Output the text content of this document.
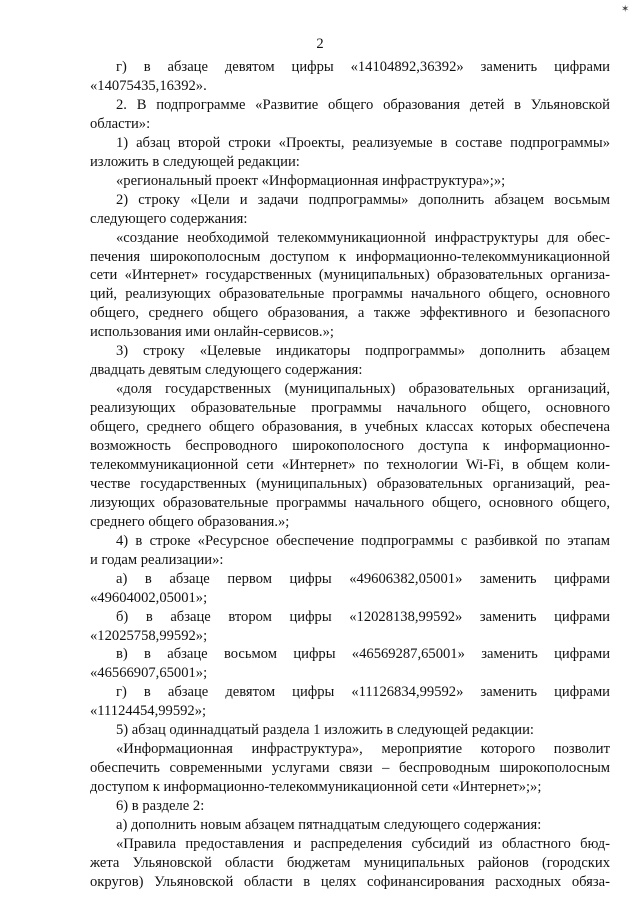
2
✶
г) в абзаце девятом цифры «14104892,36392» заменить цифрами
«14075435,16392».
2. В подпрограмме «Развитие общего образования детей в Ульяновской
области»:
1) абзац второй строки «Проекты, реализуемые в составе подпрограммы»
изложить в следующей редакции:
«региональный проект «Информационная инфраструктура»;»;
2) строку «Цели и задачи подпрограммы» дополнить абзацем восьмым
следующего содержания:
«создание необходимой телекоммуникационной инфраструктуры для обес-
печения широкополосным доступом к информационно-телекоммуникационной
сети «Интернет» государственных (муниципальных) образовательных организа-
ций, реализующих образовательные программы начального общего, основного
общего, среднего общего образования, а также эффективного и безопасного
использования ими онлайн-сервисов.»;
3) строку «Целевые индикаторы подпрограммы» дополнить абзацем
двадцать девятым следующего содержания:
«доля государственных (муниципальных) образовательных организаций,
реализующих образовательные программы начального общего, основного
общего, среднего общего образования, в учебных классах которых обеспечена
возможность беспроводного широкополосного доступа к информационно-
телекоммуникационной сети «Интернет» по технологии Wi-Fi, в общем коли-
честве государственных (муниципальных) образовательных организаций, реа-
лизующих образовательные программы начального общего, основного общего,
среднего общего образования.»;
4) в строке «Ресурсное обеспечение подпрограммы с разбивкой по этапам
и годам реализации»:
а) в абзаце первом цифры «49606382,05001» заменить цифрами
«49604002,05001»;
б) в абзаце втором цифры «12028138,99592» заменить цифрами
«12025758,99592»;
в) в абзаце восьмом цифры «46569287,65001» заменить цифрами
«46566907,65001»;
г) в абзаце девятом цифры «11126834,99592» заменить цифрами
«11124454,99592»;
5) абзац одиннадцатый раздела 1 изложить в следующей редакции:
«Информационная инфраструктура», мероприятие которого позволит
обеспечить современными услугами связи – беспроводным широкополосным
доступом к информационно-телекоммуникационной сети «Интернет»;»;
6) в разделе 2:
а) дополнить новым абзацем пятнадцатым следующего содержания:
«Правила предоставления и распределения субсидий из областного бюд-
жета Ульяновской области бюджетам муниципальных районов (городских
округов) Ульяновской области в целях софинансирования расходных обяза-
